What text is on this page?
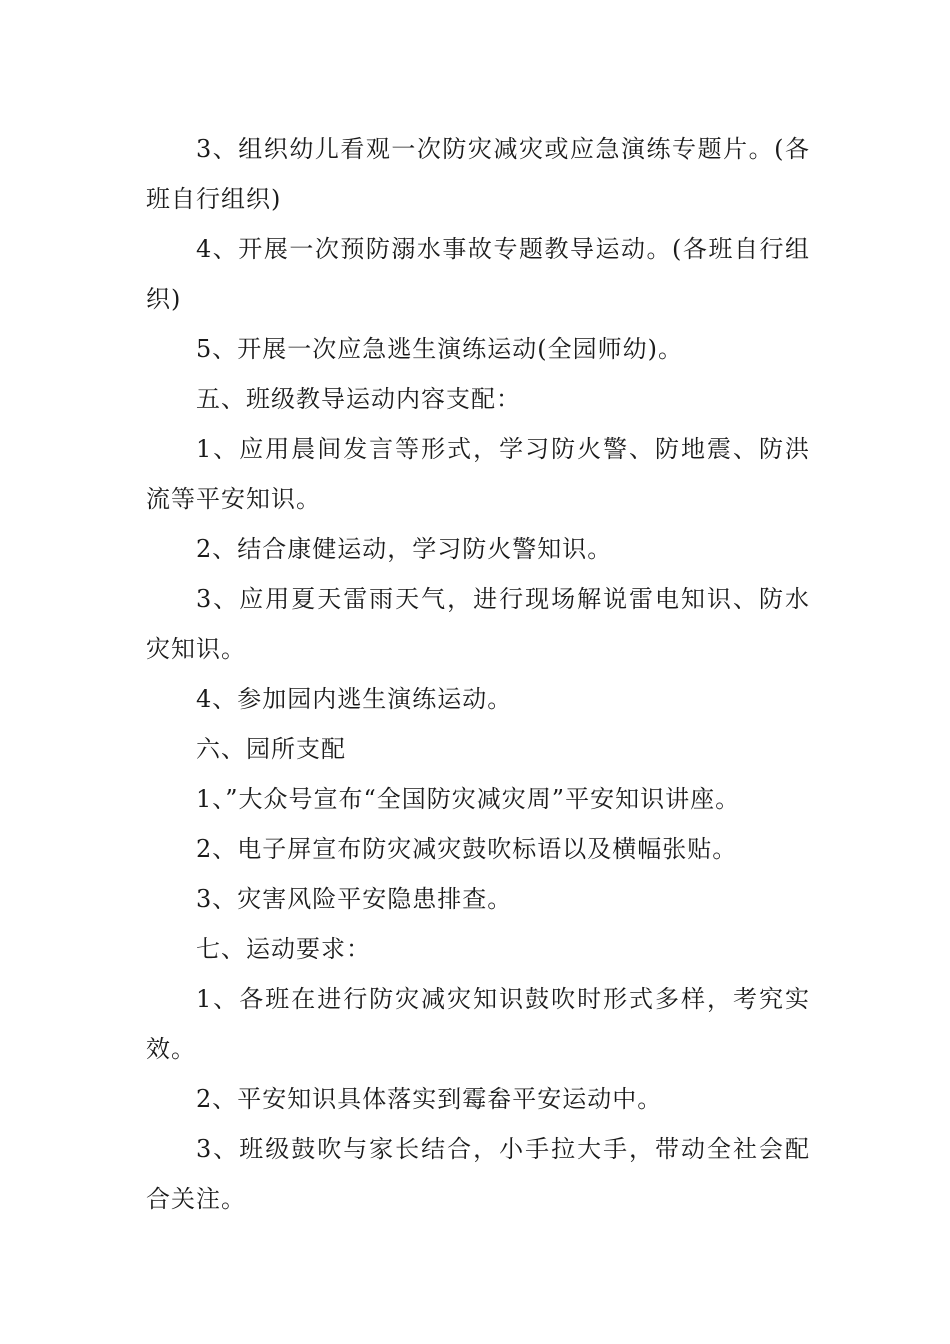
3、组织幼儿看观一次防灾减灾或应急演练专题片。(各班自行组织)

4、开展一次预防溺水事故专题教导运动。(各班自行组织)

5、开展一次应急逃生演练运动(全园师幼)。

五、班级教导运动内容支配：

1、应用晨间发言等形式，学习防火警、防地震、防洪流等平安知识。

2、结合康健运动，学习防火警知识。

3、应用夏天雷雨天气，进行现场解说雷电知识、防水灾知识。

4、参加园内逃生演练运动。

六、园所支配

1、”大众号宣布“全国防灾减灾周”平安知识讲座。

2、电子屏宣布防灾减灾鼓吹标语以及横幅张贴。

3、灾害风险平安隐患排查。

七、运动要求：

1、各班在进行防灾减灾知识鼓吹时形式多样，考究实效。

2、平安知识具体落实到霉畚平安运动中。

3、班级鼓吹与家长结合，小手拉大手，带动全社会配合关注。
